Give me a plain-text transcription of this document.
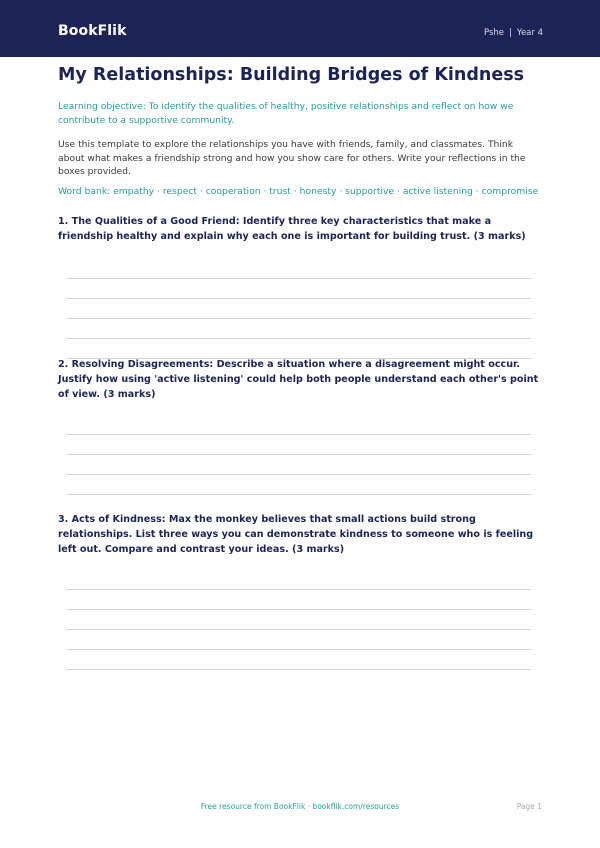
BookFlik	Pshe | Year 4
My Relationships: Building Bridges of Kindness

Learning objective: To identify the qualities of healthy, positive relationships and reflect on how we contribute to a supportive community.

Use this template to explore the relationships you have with friends, family, and classmates. Think about what makes a friendship strong and how you show care for others. Write your reflections in the boxes provided.

Word bank: empathy · respect · cooperation · trust · honesty · supportive · active listening · compromise

1. The Qualities of a Good Friend: Identify three key characteristics that make a friendship healthy and explain why each one is important for building trust. (3 marks)

2. Resolving Disagreements: Describe a situation where a disagreement might occur. Justify how using 'active listening' could help both people understand each other's point of view. (3 marks)

3. Acts of Kindness: Max the monkey believes that small actions build strong relationships. List three ways you can demonstrate kindness to someone who is feeling left out. Compare and contrast your ideas. (3 marks)

Free resource from BookFlik · bookflik.com/resources	Page 1
